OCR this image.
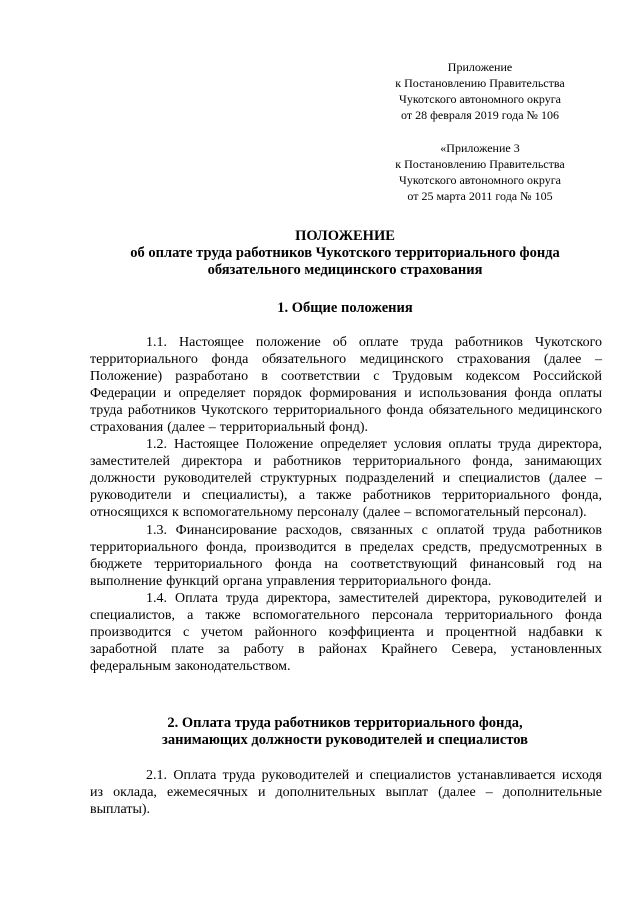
Приложение
к Постановлению Правительства
Чукотского автономного округа
от 28 февраля 2019 года № 106
«Приложение 3
к Постановлению Правительства
Чукотского автономного округа
от 25 марта 2011 года № 105
ПОЛОЖЕНИЕ
об оплате труда работников Чукотского территориального фонда
обязательного медицинского страхования
1. Общие положения

1.1. Настоящее положение об оплате труда работников Чукотского территориального фонда обязательного медицинского страхования (далее – Положение) разработано в соответствии с Трудовым кодексом Российской Федерации и определяет порядок формирования и использования фонда оплаты труда работников Чукотского территориального фонда обязательного медицинского страхования (далее – территориальный фонд).

1.2. Настоящее Положение определяет условия оплаты труда директора, заместителей директора и работников территориального фонда, занимающих должности руководителей структурных подразделений и специалистов (далее – руководители и специалисты), а также работников территориального фонда, относящихся к вспомогательному персоналу (далее – вспомогательный персонал).

1.3. Финансирование расходов, связанных с оплатой труда работников территориального фонда, производится в пределах средств, предусмотренных в бюджете территориального фонда на соответствующий финансовый год на выполнение функций органа управления территориального фонда.

1.4. Оплата труда директора, заместителей директора, руководителей и специалистов, а также вспомогательного персонала территориального фонда производится с учетом районного коэффициента и процентной надбавки к заработной плате за работу в районах Крайнего Севера, установленных федеральным законодательством.

2. Оплата труда работников территориального фонда,
занимающих должности руководителей и специалистов

2.1. Оплата труда руководителей и специалистов устанавливается исходя из оклада, ежемесячных и дополнительных выплат (далее – дополнительные выплаты).
